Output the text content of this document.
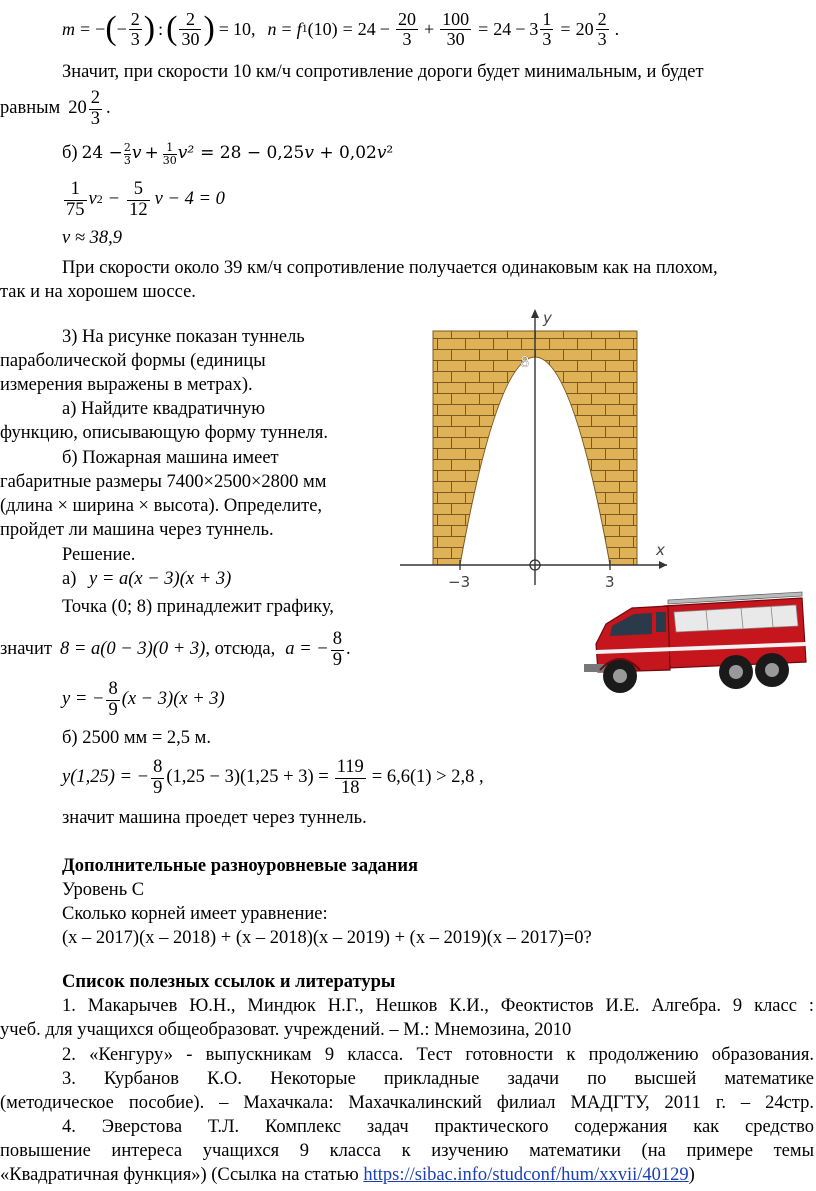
m = − ( − $\frac{2}{3}$ ) : ( $\frac{2}{30}$ ) = 10 , n = f 1 $(10) = 24 - \frac{20}{3} + \frac{100}{30} = 24 - 3 \frac{1}{3} = 20 \frac{2}{3}$ .
Значит, при скорости 10 км/ч сопротивление дороги будет минимальным, и будет
равным $20 \frac{2}{3}$ .
б) $24 - \frac{2}{3}$ 𝑣 + $\frac{1}{30}$ 𝑣² = 28 − 0,25𝑣 + 0,02𝑣²
$\frac{1}{75}$ v $2 - \frac{5}{12}$ v − 4 = 0
v ≈ 38,9
При скорости около 39 км/ч сопротивление получается одинаковым как на плохом,
так и на хорошем шоссе.
3) На рисунке показан туннель
параболической формы (единицы
измерения выражены в метрах).
а) Найдите квадратичную
функцию, описывающую форму туннеля.
б) Пожарная машина имеет
габаритные размеры 7400×2500×2800 мм
(длина × ширина × высота). Определите,
пройдет ли машина через туннель.
Решение.
а) y = a(x − 3)(x + 3)
Точка (0; 8) принадлежит графику,
значит 8 = a(0 − 3)(0 + 3) , отсюда, a = − $\frac{8}{9}$ .
y = − $\frac{8}{9} (x - 3)(x + 3)$
б) 2500 мм = 2,5 м.
y(1,25) = − $\frac{8}{9} (1,25 - 3)(1,25 + 3) = \frac{119}{18} = 6,6(1) > 2,8$ ,
значит машина проедет через туннель.
y
x
8
−3	3
Дополнительные разноуровневые задания
Уровень С
Сколько корней имеет уравнение:
(x – 2017)(x – 2018) + (x – 2018)(x – 2019) + (x – 2019)(x – 2017)=0?
Список полезных ссылок и литературы
1. Макарычев Ю.Н., Миндюк Н.Г., Нешков К.И., Феоктистов И.Е. Алгебра. 9 класс :
учеб. для учащихся общеобразоват. учреждений. – М.: Мнемозина, 2010
2. «Кенгуру» - выпускникам 9 класса. Тест готовности к продолжению образования.
3. Курбанов К.О. Некоторые прикладные задачи по высшей математике
(методическое пособие). – Махачкала: Махачкалинский филиал МАДГТУ, 2011 г. – 24стр.
4. Эверстова Т.Л. Комплекс задач практического содержания как средство
повышение интереса учащихся 9 класса к изучению математики (на примере темы
«Квадратичная функция») (Ссылка на статью https://sibac.info/studconf/hum/xxvii/40129)
